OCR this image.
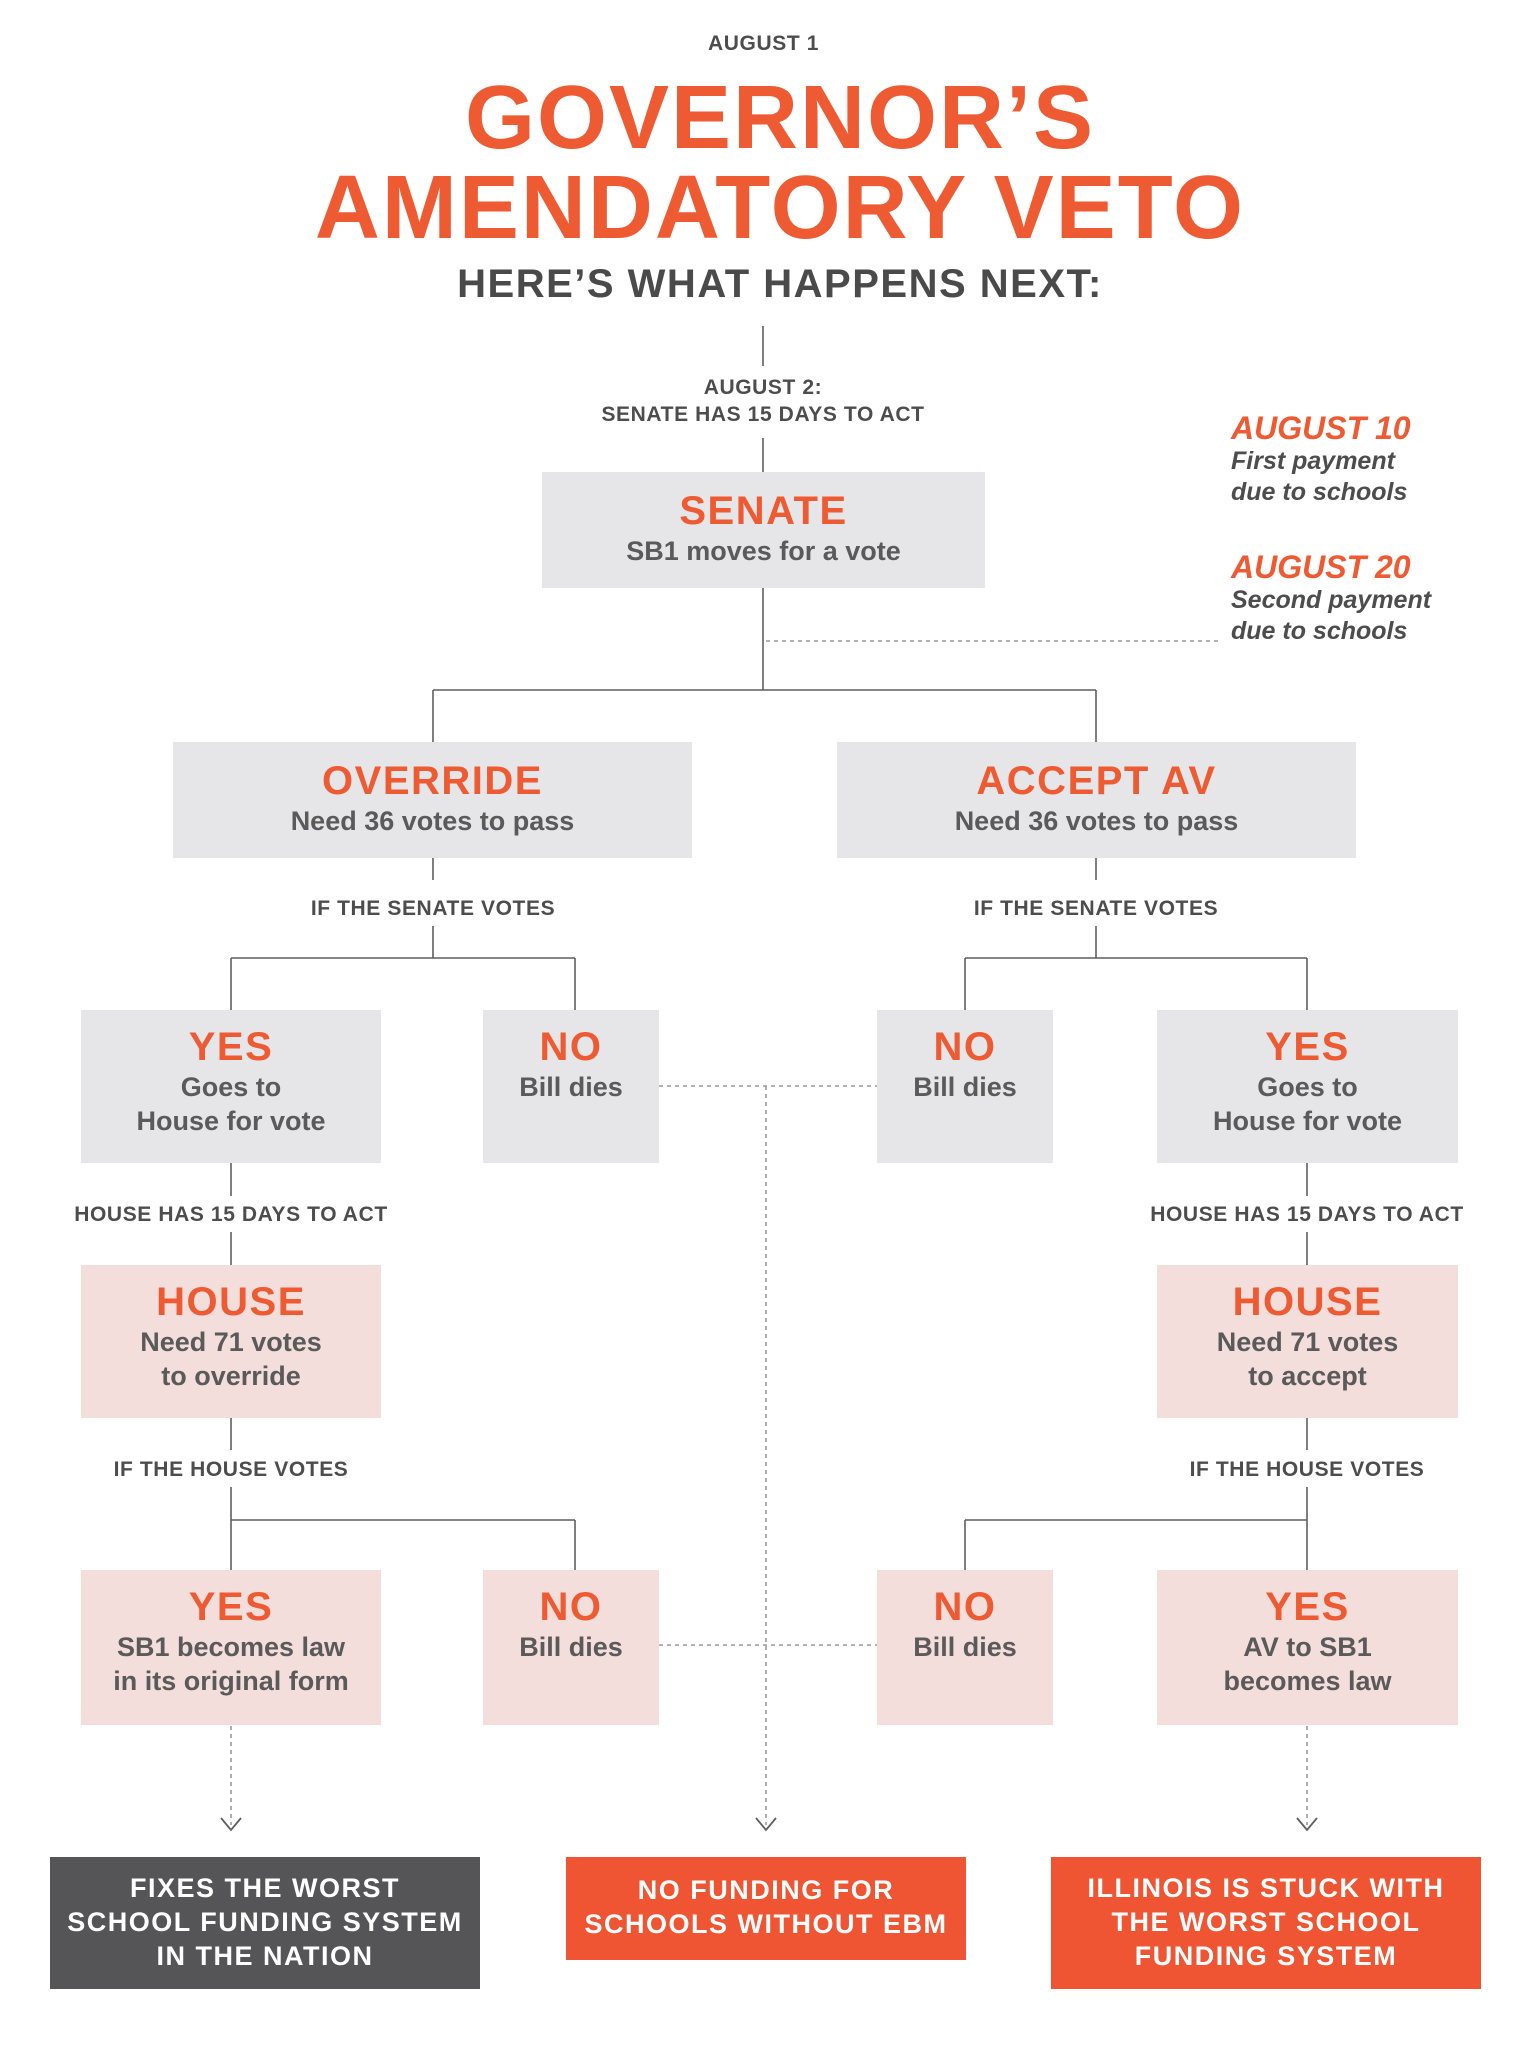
AUGUST 1
GOVERNOR’S
AMENDATORY VETO
HERE’S WHAT HAPPENS NEXT:
AUGUST 2:
SENATE HAS 15 DAYS TO ACT
SENATE
SB1 moves for a vote
AUGUST 10
First payment
due to schools
AUGUST 20
Second payment
due to schools
OVERRIDE
Need 36 votes to pass
ACCEPT AV
Need 36 votes to pass
IF THE SENATE VOTES	IF THE SENATE VOTES
YES
Goes to
House for vote
NO
Bill dies
NO
Bill dies
YES
Goes to
House for vote
HOUSE HAS 15 DAYS TO ACT	HOUSE HAS 15 DAYS TO ACT
HOUSE
Need 71 votes
to override
HOUSE
Need 71 votes
to accept
IF THE HOUSE VOTES	IF THE HOUSE VOTES
YES
SB1 becomes law
in its original form
NO
Bill dies
NO
Bill dies
YES
AV to SB1
becomes law
FIXES THE WORST
SCHOOL FUNDING SYSTEM
IN THE NATION
NO FUNDING FOR
SCHOOLS WITHOUT EBM
ILLINOIS IS STUCK WITH
THE WORST SCHOOL
FUNDING SYSTEM
